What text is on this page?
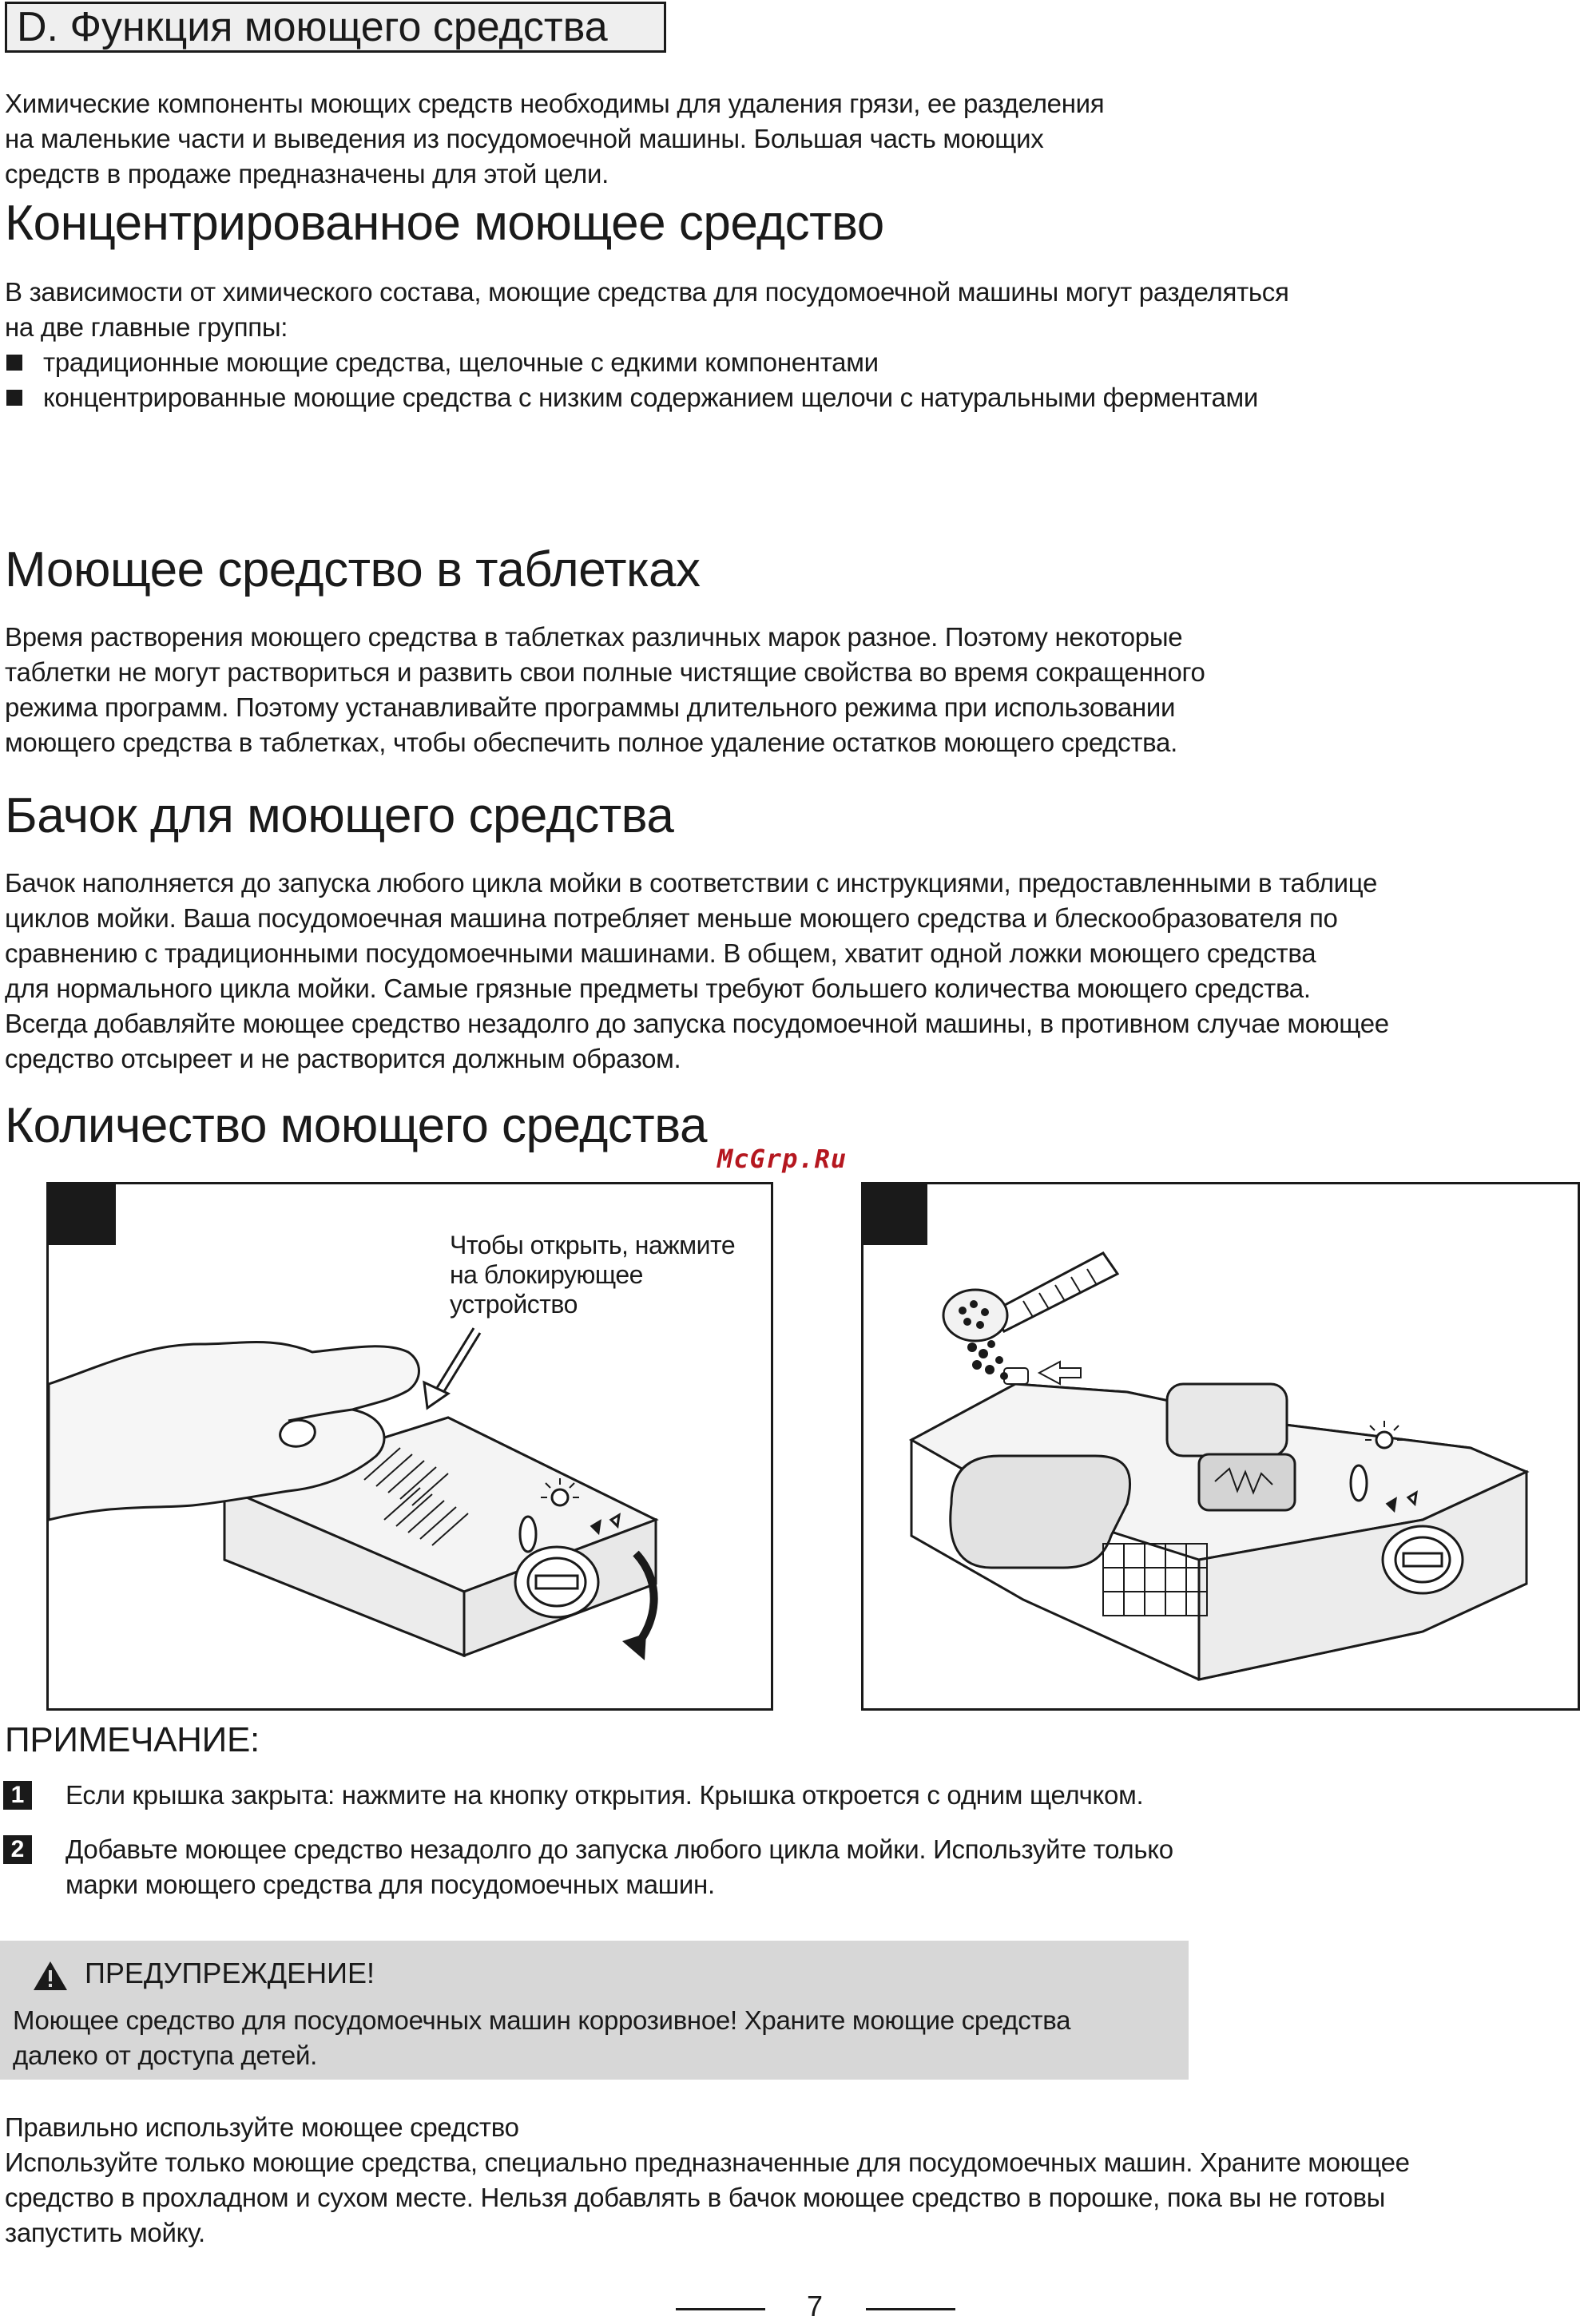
D. Функция моющего средства
Химические компоненты моющих средств необходимы для удаления грязи, ее разделения
на маленькие части и выведения из посудомоечной машины. Большая часть моющих
средств в продаже предназначены для этой цели.
Концентрированное моющее средство
В зависимости от химического состава, моющие средства для посудомоечной машины могут разделяться
на две главные группы:
традиционные моющие средства, щелочные с едкими компонентами
концентрированные моющие средства с низким содержанием щелочи с натуральными ферментами
Моющее средство в таблетках
Время растворения моющего средства в таблетках различных марок разное. Поэтому некоторые
таблетки не могут раствориться и развить свои полные чистящие свойства во время сокращенного
режима программ. Поэтому устанавливайте программы длительного режима при использовании
моющего средства в таблетках, чтобы обеспечить полное удаление остатков моющего средства.
Бачок для моющего средства
Бачок наполняется до запуска любого цикла мойки в соответствии с инструкциями, предоставленными в таблице
циклов мойки. Ваша посудомоечная машина потребляет меньше моющего средства и блескообразователя по
сравнению с традиционными посудомоечными машинами. В общем, хватит одной ложки моющего средства
для нормального цикла мойки. Самые грязные предметы требуют большего количества моющего средства.
Всегда добавляйте моющее средство незадолго до запуска посудомоечной машины, в противном случае моющее
средство отсыреет и не растворится должным образом.
Количество моющего средства
McGrp.Ru
Чтобы открыть, нажмите
на блокирующее
устройство
ПРИМЕЧАНИЕ:
1 Если крышка закрыта: нажмите на кнопку открытия. Крышка откроется с одним щелчком.
2 Добавьте моющее средство незадолго до запуска любого цикла мойки. Используйте только
марки моющего средства для посудомоечных машин.
ПРЕДУПРЕЖДЕНИЕ!
Моющее средство для посудомоечных машин коррозивное! Храните моющие средства
далеко от доступа детей.
Правильно используйте моющее средство
Используйте только моющие средства, специально предназначенные для посудомоечных машин. Храните моющее
средство в прохладном и сухом месте. Нельзя добавлять в бачок моющее средство в порошке, пока вы не готовы
запустить мойку.
7
